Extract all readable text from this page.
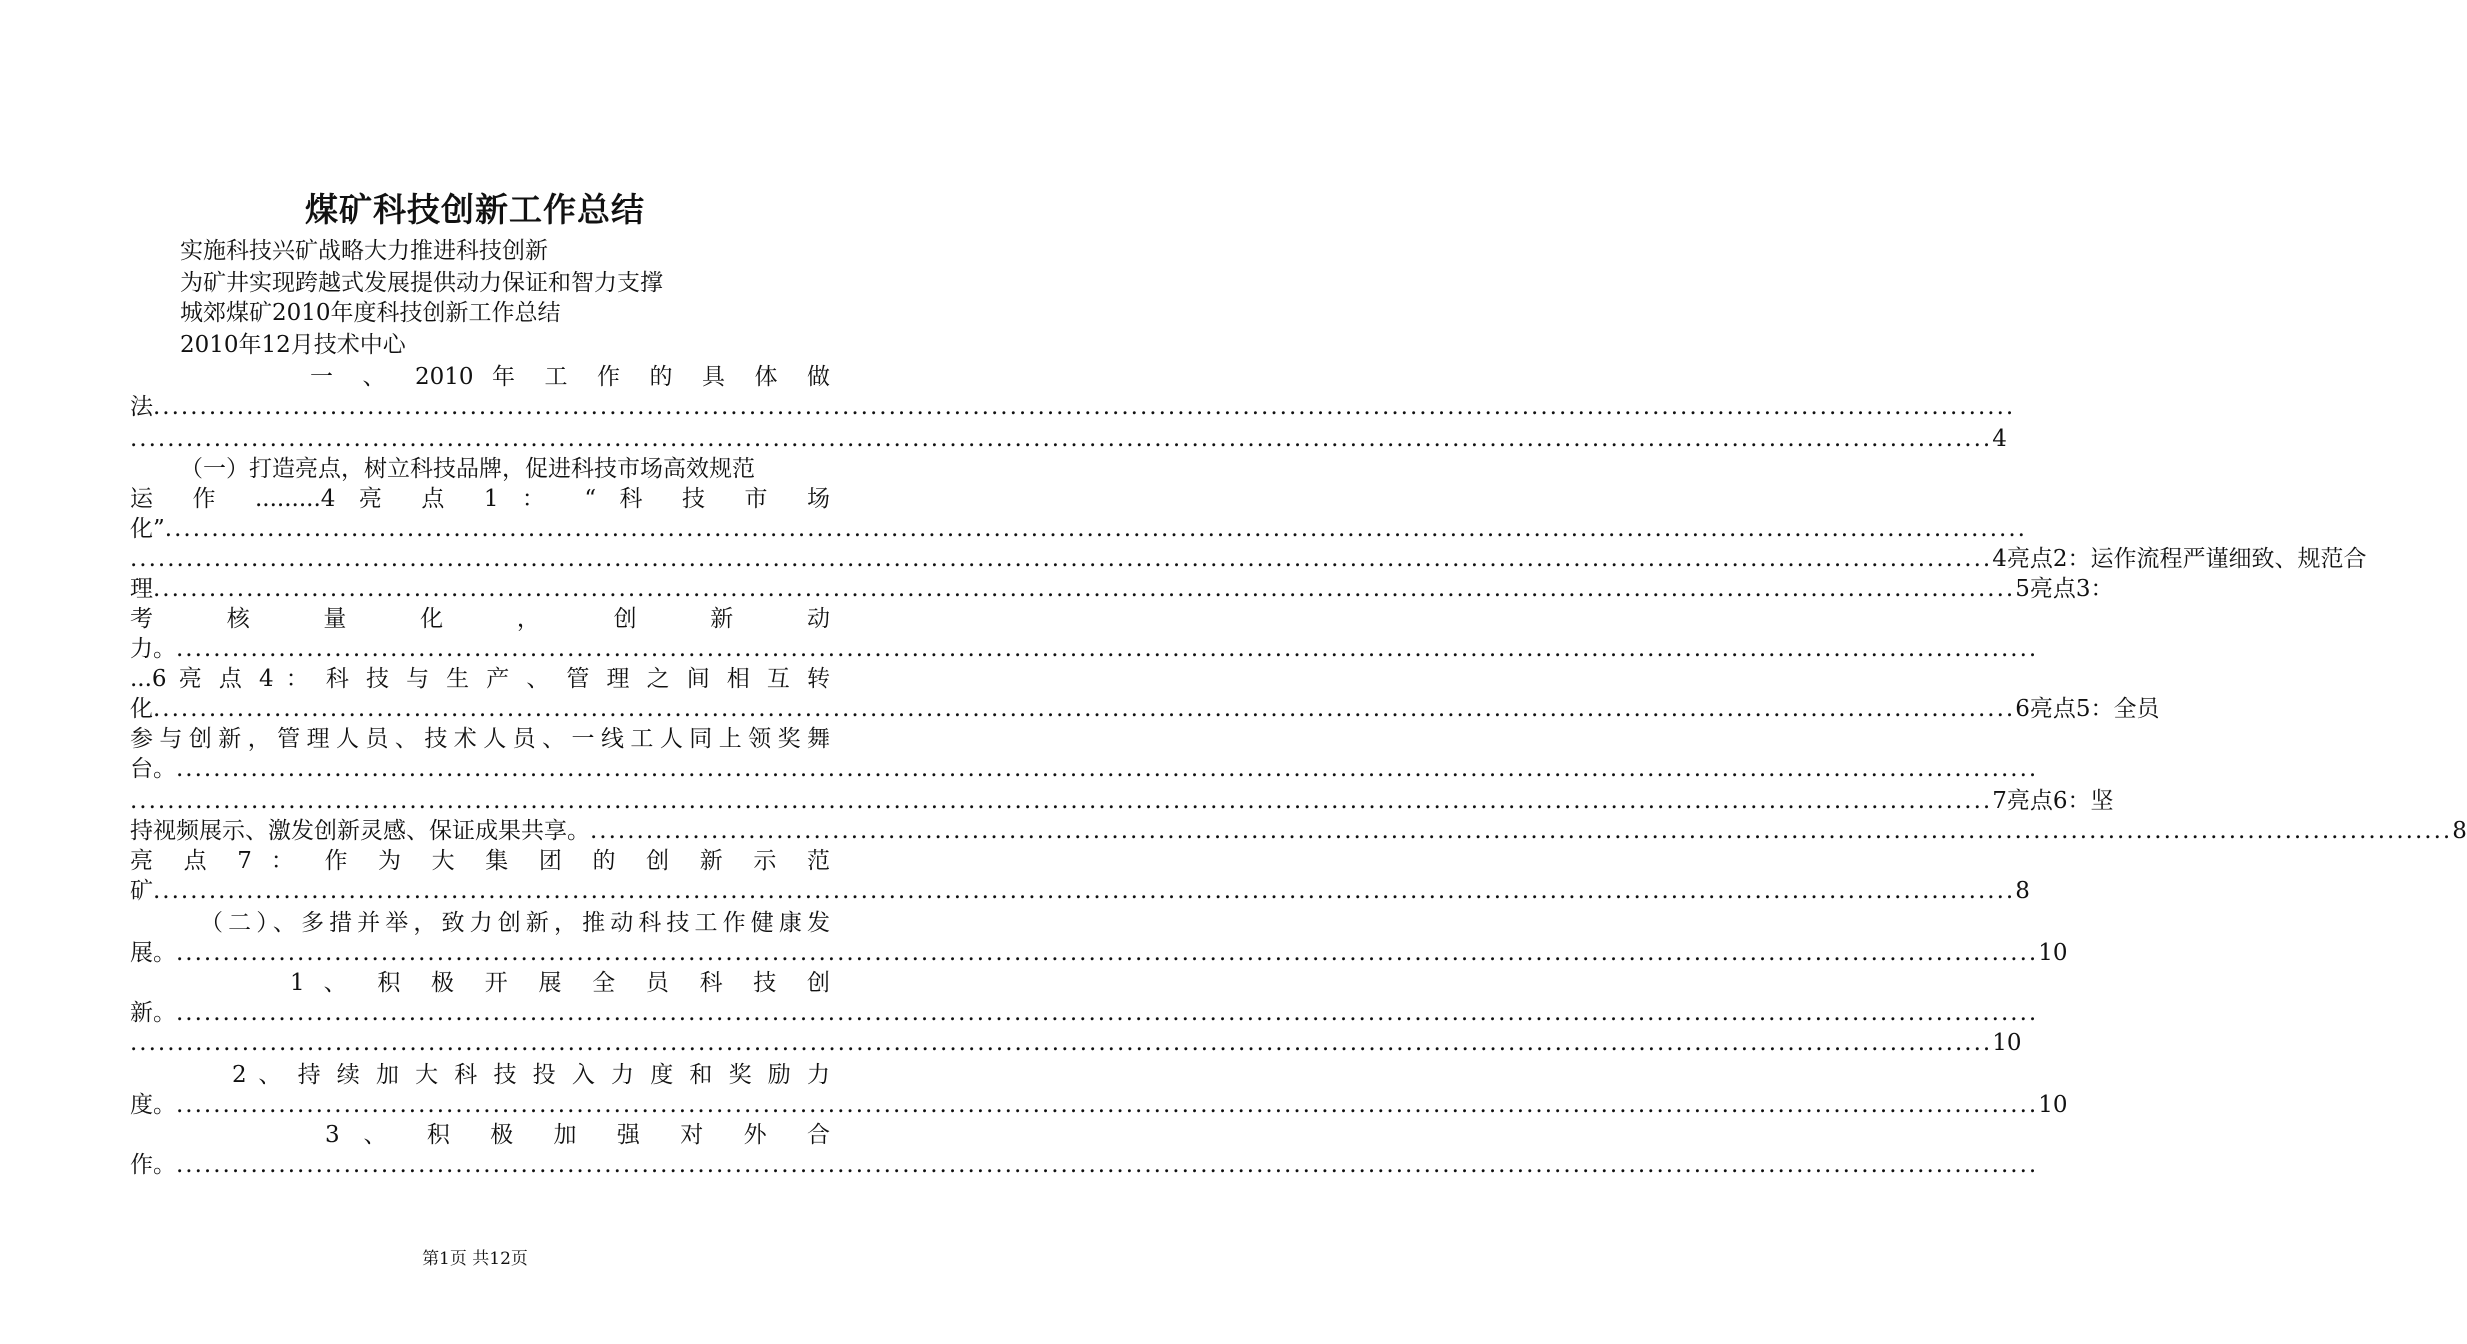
煤矿科技创新工作总结
实施科技兴矿战略大力推进科技创新
为矿井实现跨越式发展提供动力保证和智力支撑
城郊煤矿2010年度科技创新工作总结
2010年12月技术中心
一 、 2010 年 工 作 的 具 体 做
法 ........................................................................................................................................................................................................
........................................................................................................................................................................................................ 4
（一）打造亮点，树立科技品牌，促进科技市场高效规范
运 作 .........4 亮 点 1 ： “ 科 技 市 场
化” ........................................................................................................................................................................................................
........................................................................................................................................................................................................ 4亮点2：运作流程严谨细致、规范合
理 ........................................................................................................................................................................................................ 5亮点3：
考 核 量 化 ， 创 新 动
力。 ........................................................................................................................................................................................................
...6 亮 点 4 ： 科 技 与 生 产 、 管 理 之 间 相 互 转
化 ........................................................................................................................................................................................................ 6亮点5：全员
参与创新，管理人员、技术人员、一线工人同上领奖舞
台。 ........................................................................................................................................................................................................
........................................................................................................................................................................................................ 7亮点6：坚
持视频展示、激发创新灵感、保证成果共享。 ........................................................................................................................................................................................................ 8
亮 点 7 ： 作 为 大 集 团 的 创 新 示 范
矿 ........................................................................................................................................................................................................ 8
（二）、多措并举，致力创新，推动科技工作健康发
展。 ........................................................................................................................................................................................................ 10
1 、 积 极 开 展 全 员 科 技 创
新。 ........................................................................................................................................................................................................
........................................................................................................................................................................................................ 10
2 、 持 续 加 大 科 技 投 入 力 度 和 奖 励 力
度。 ........................................................................................................................................................................................................ 10
3 、 积 极 加 强 对 外 合
作。 ........................................................................................................................................................................................................
第1页 共12页
